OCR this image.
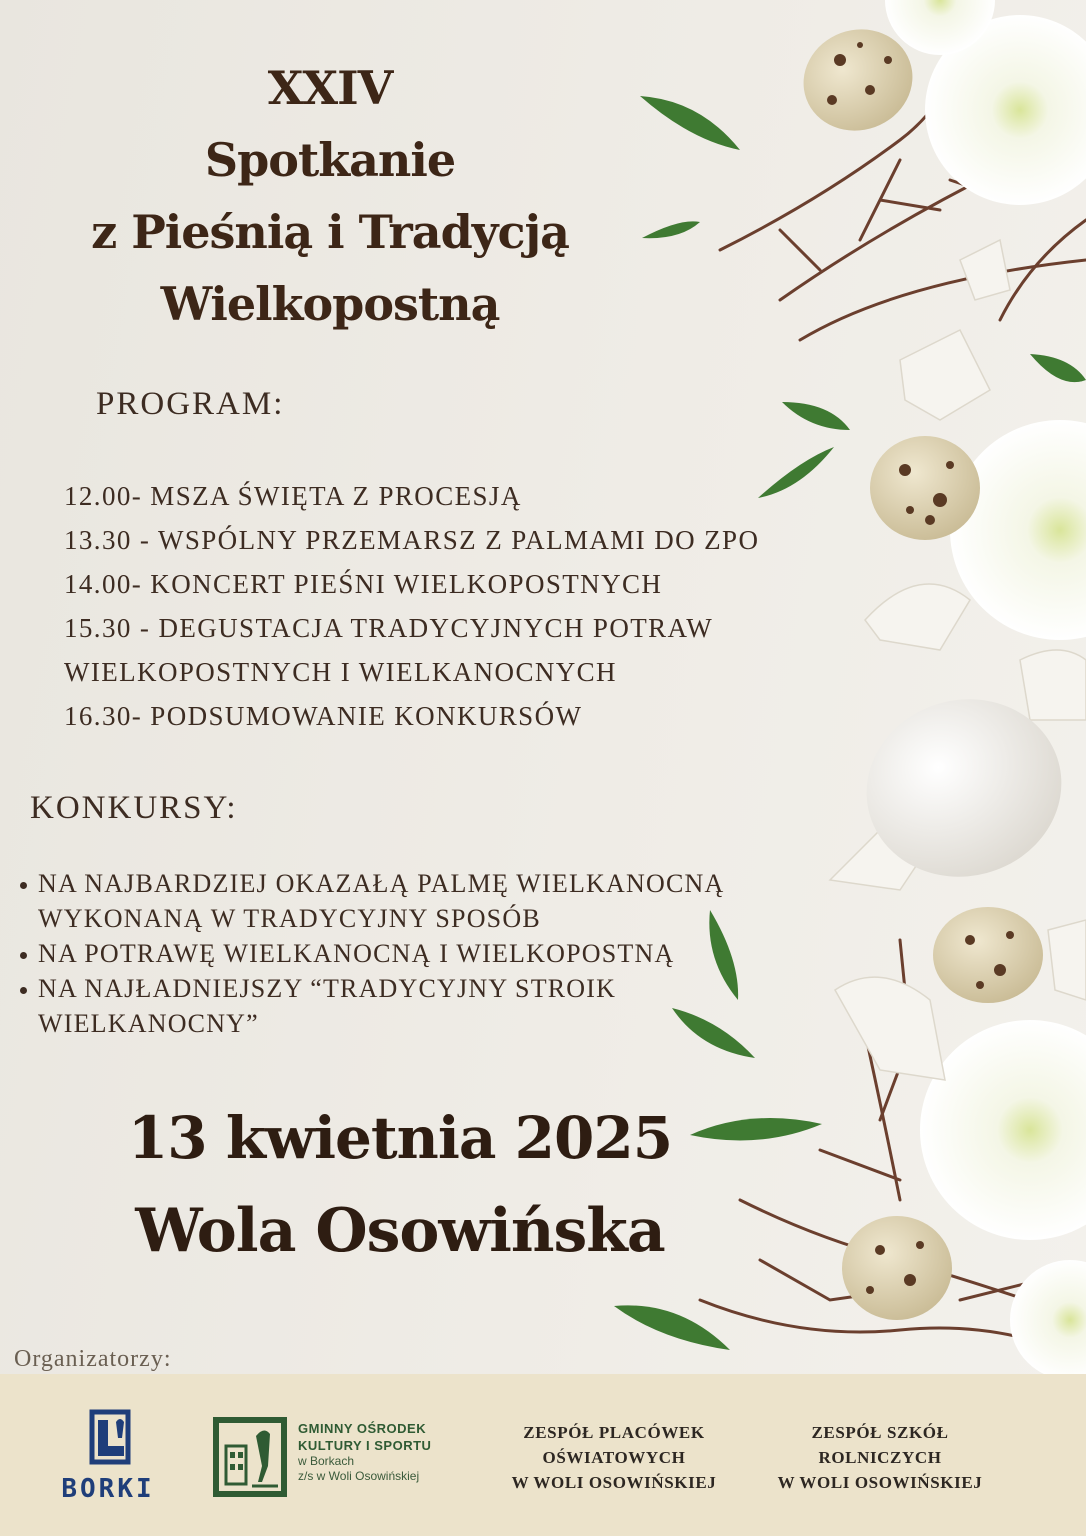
XXIV
Spotkanie
z Pieśnią i Tradycją
Wielkopostną
PROGRAM:
12.00- MSZA ŚWIĘTA Z PROCESJĄ
13.30 - WSPÓLNY PRZEMARSZ Z PALMAMI DO ZPO
14.00- KONCERT PIEŚNI WIELKOPOSTNYCH
15.30 - DEGUSTACJA TRADYCYJNYCH POTRAW
WIELKOPOSTNYCH I WIELKANOCNYCH
16.30- PODSUMOWANIE KONKURSÓW
KONKURSY:
NA NAJBARDZIEJ OKAZAŁĄ PALMĘ WIELKANOCNĄ WYKONANĄ W TRADYCYJNY SPOSÓB
NA POTRAWĘ WIELKANOCNĄ I WIELKOPOSTNĄ
NA NAJŁADNIEJSZY “TRADYCYJNY STROIK WIELKANOCNY”

13 kwietnia 2025

Wola Osowińska

Organizatorzy:

BORKI
GMINNY OŚRODEK
KULTURY I SPORTU
w Borkach
z/s w Woli Osowińskiej
ZESPÓŁ PLACÓWEK
OŚWIATOWYCH
W WOLI OSOWIŃSKIEJ
ZESPÓŁ SZKÓŁ
ROLNICZYCH
W WOLI OSOWIŃSKIEJ
